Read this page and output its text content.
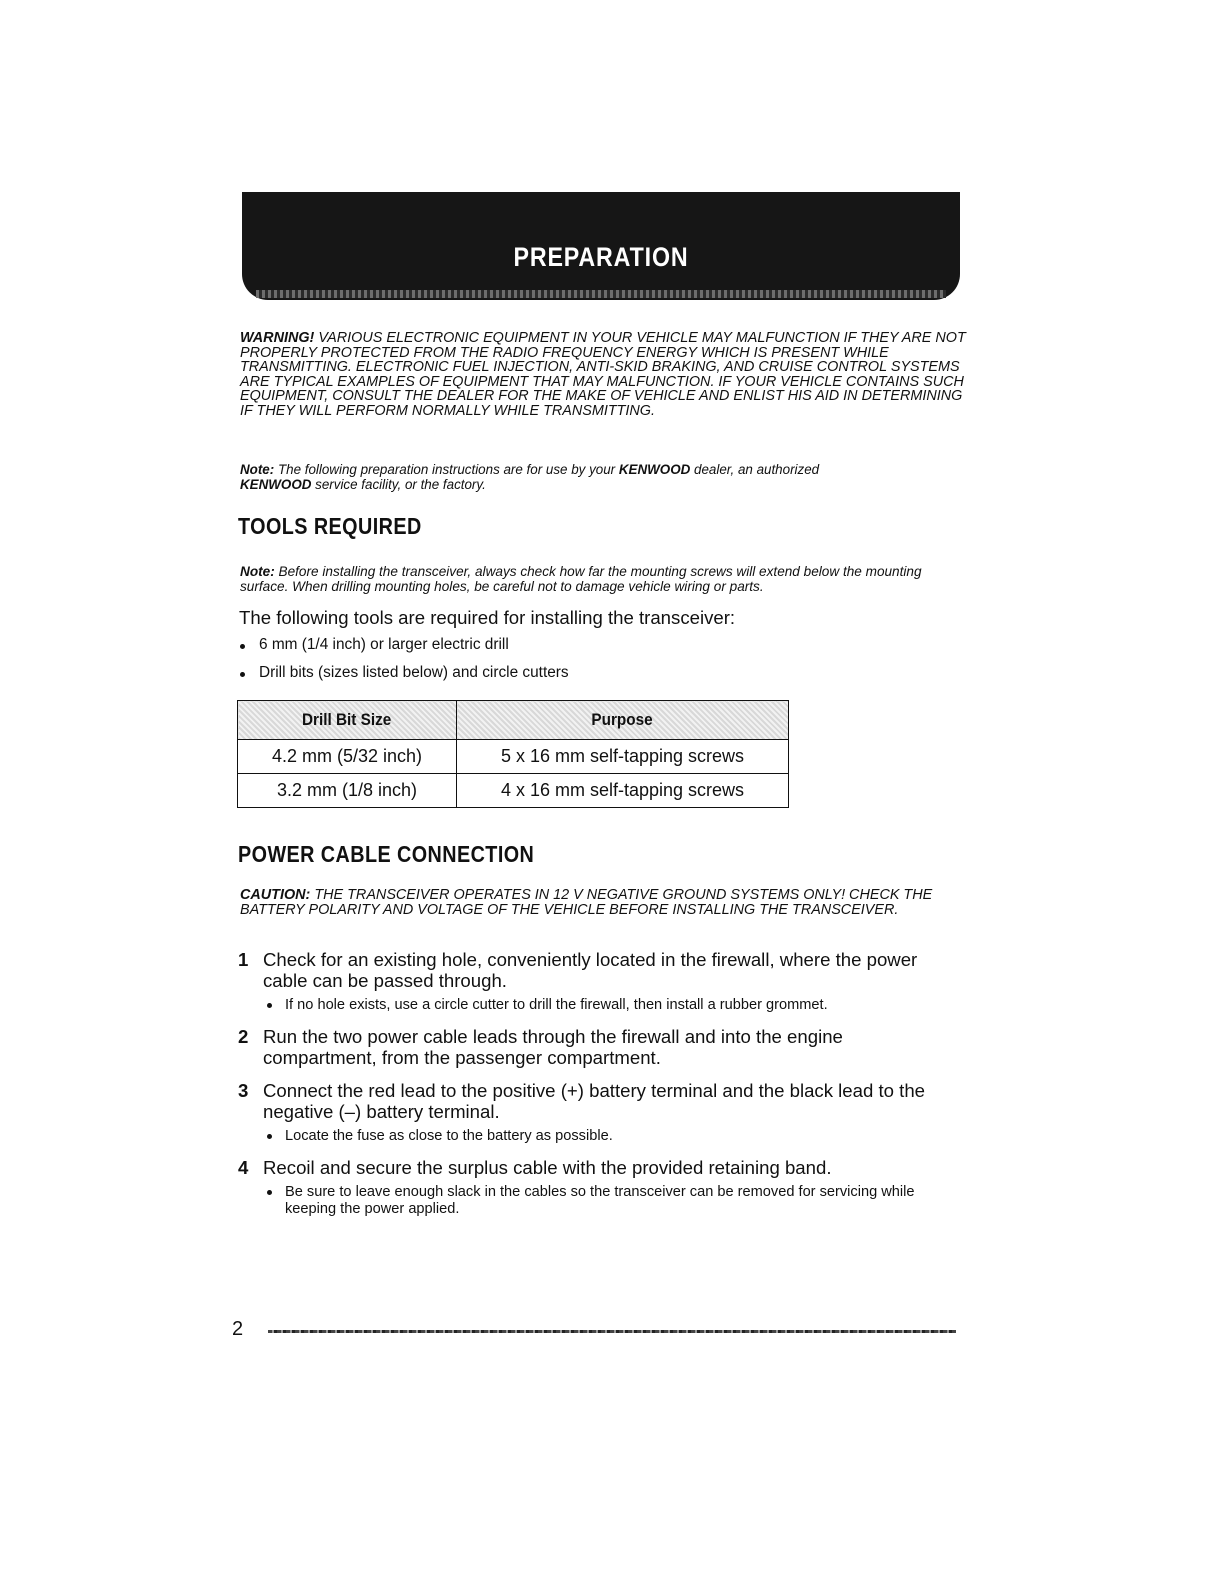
PREPARATION

WARNING! VARIOUS ELECTRONIC EQUIPMENT IN YOUR VEHICLE MAY MALFUNCTION IF THEY ARE NOT PROPERLY PROTECTED FROM THE RADIO FREQUENCY ENERGY WHICH IS PRESENT WHILE TRANSMITTING. ELECTRONIC FUEL INJECTION, ANTI-SKID BRAKING, AND CRUISE CONTROL SYSTEMS ARE TYPICAL EXAMPLES OF EQUIPMENT THAT MAY MALFUNCTION. IF YOUR VEHICLE CONTAINS SUCH EQUIPMENT, CONSULT THE DEALER FOR THE MAKE OF VEHICLE AND ENLIST HIS AID IN DETERMINING IF THEY WILL PERFORM NORMALLY WHILE TRANSMITTING.

Note: The following preparation instructions are for use by your KENWOOD dealer, an authorized
KENWOOD service facility, or the factory.

TOOLS REQUIRED

Note: Before installing the transceiver, always check how far the mounting screws will extend below the mounting surface. When drilling mounting holes, be careful not to damage vehicle wiring or parts.

The following tools are required for installing the transceiver:

6 mm (1/4 inch) or larger electric drill
Drill bits (sizes listed below) and circle cutters
Drill Bit Size	Purpose
4.2 mm (5/32 inch)	5 x 16 mm self-tapping screws
3.2 mm (1/8 inch)	4 x 16 mm self-tapping screws
POWER CABLE CONNECTION

CAUTION: THE TRANSCEIVER OPERATES IN 12 V NEGATIVE GROUND SYSTEMS ONLY! CHECK THE BATTERY POLARITY AND VOLTAGE OF THE VEHICLE BEFORE INSTALLING THE TRANSCEIVER.

1 Check for an existing hole, conveniently located in the firewall, where the power cable can be passed through.

If no hole exists, use a circle cutter to drill the firewall, then install a rubber grommet.

2 Run the two power cable leads through the firewall and into the engine compartment, from the passenger compartment.

3 Connect the red lead to the positive (+) battery terminal and the black lead to the negative (–) battery terminal.

Locate the fuse as close to the battery as possible.

4 Recoil and secure the surplus cable with the provided retaining band.

Be sure to leave enough slack in the cables so the transceiver can be removed for servicing while keeping the power applied.

2
